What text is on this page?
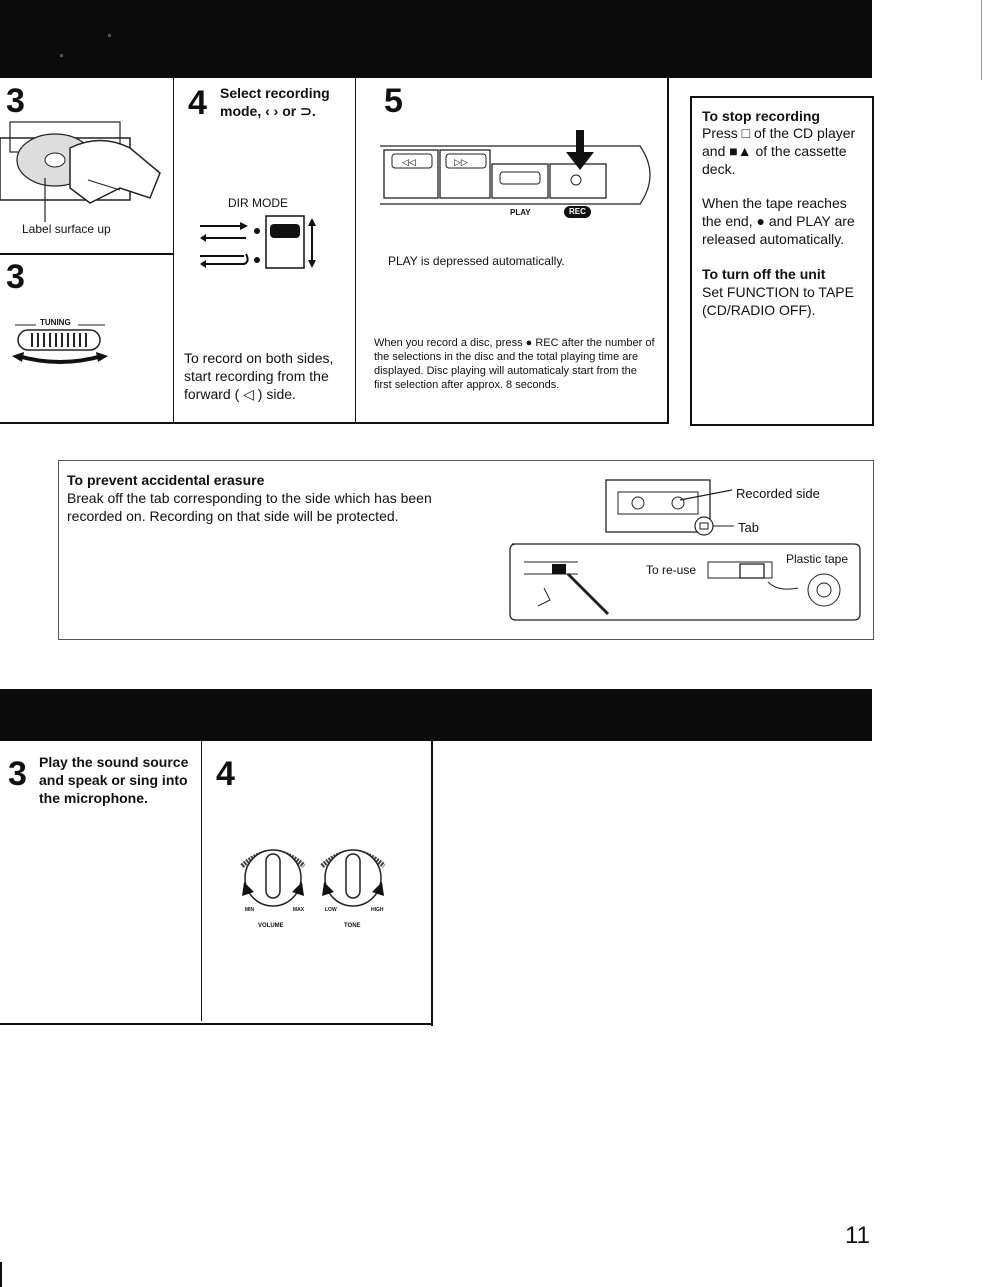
3
Label surface up
3
TUNING
4 Select recording mode, ‹ › or ⊃.
DIR MODE
To record on both sides, start recording from the forward ( ◁ ) side.
5
◁◁	▷▷
PLAY	REC
PLAY is depressed automatically.
When you record a disc, press ● REC after the number of the selections in the disc and the total playing time are displayed. Disc playing will automaticaly start from the first selection after approx. 8 seconds.
To stop recording
Press □ of the CD player and ■▲ of the cassette deck.
When the tape reaches the end, ● and PLAY are released automatically.
To turn off the unit
Set FUNCTION to TAPE (CD/RADIO OFF).
To prevent accidental erasure
Break off the tab corresponding to the side which has been recorded on. Recording on that side will be protected.
Recorded side
Tab
To re-use
Plastic tape
3 Play the sound source and speak or sing into the microphone.
4
MIN	MAX
VOLUME
LOW	HIGH
TONE
11
